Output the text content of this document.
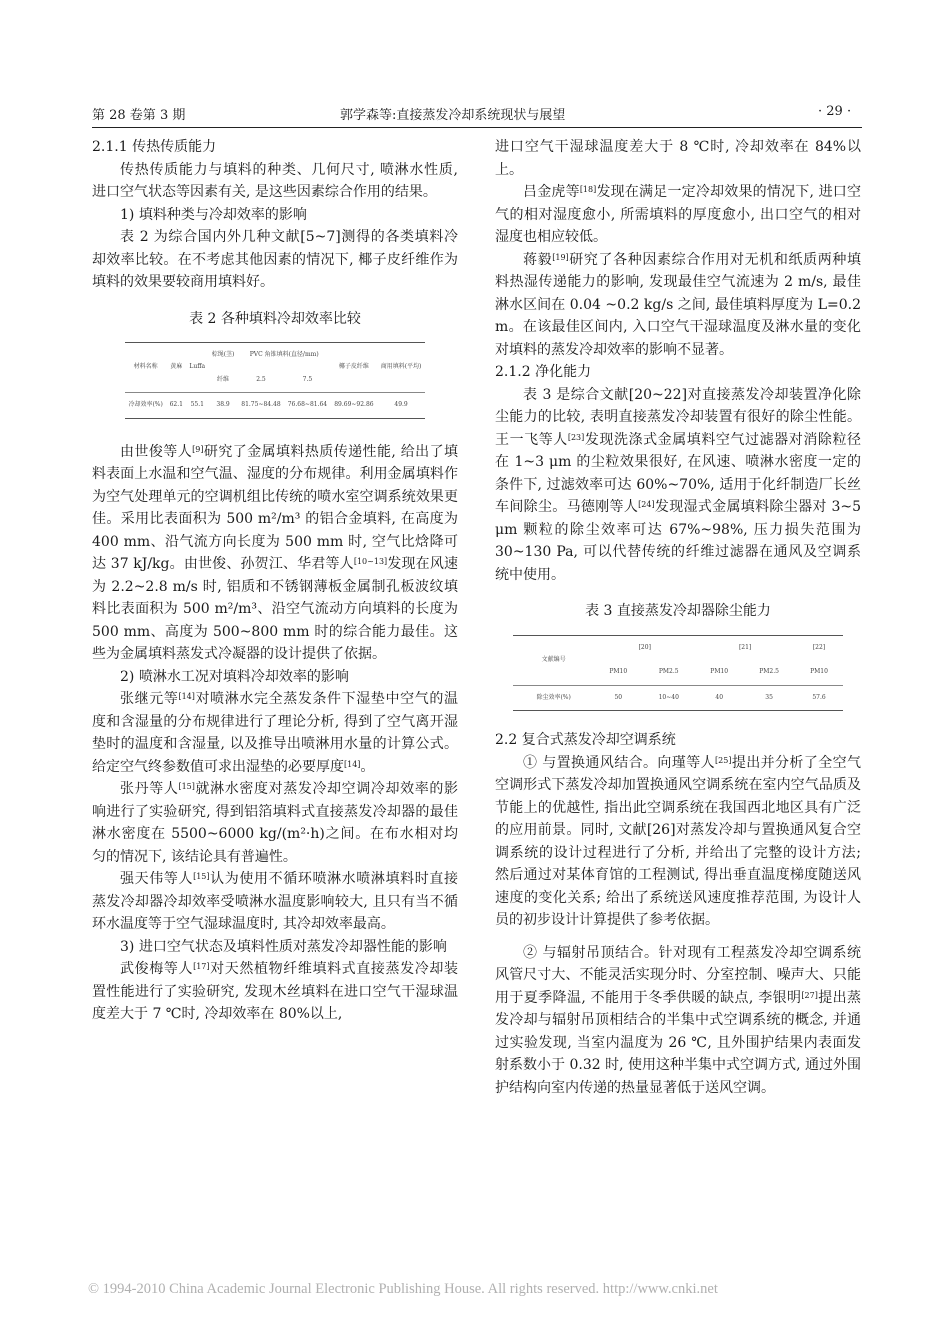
第 28 卷第 3 期	郭学森等:直接蒸发冷却系统现状与展望	· 29 ·

2.1.1 传热传质能力

传热传质能力与填料的种类、几何尺寸, 喷淋水性质, 进口空气状态等因素有关, 是这些因素综合作用的结果。

1) 填料种类与冷却效率的影响

表 2 为综合国内外几种文献[5~7]测得的各类填料冷却效率比较。在不考虑其他因素的情况下, 椰子皮纤维作为填料的效果要较商用填料好。

表 2 各种填料冷却效率比较
材料名称	黄麻	Luffa	棕绳(茎)	PVC 角锥填料(直径/mm)		椰子皮纤维	商用填料(平均)
			纤维	2.5	7.5		
冷却效率(%)	62.1	55.1	38.9	81.75~84.48	76.68~81.64	89.69~92.86	49.9

由世俊等人[9]研究了金属填料热质传递性能, 给出了填料表面上水温和空气温、湿度的分布规律。利用金属填料作为空气处理单元的空调机组比传统的喷水室空调系统效果更佳。采用比表面积为 500 m²/m³ 的铝合金填料, 在高度为 400 mm、沿气流方向长度为 500 mm 时, 空气比焓降可达 37 kJ/kg。由世俊、孙贺江、华君等人[10~13]发现在风速为 2.2~2.8 m/s 时, 铝质和不锈钢薄板金属制孔板波纹填料比表面积为 500 m²/m³、沿空气流动方向填料的长度为 500 mm、高度为 500~800 mm 时的综合能力最佳。这些为金属填料蒸发式冷凝器的设计提供了依据。

2) 喷淋水工况对填料冷却效率的影响

张继元等[14]对喷淋水完全蒸发条件下湿垫中空气的温度和含湿量的分布规律进行了理论分析, 得到了空气离开湿垫时的温度和含湿量, 以及推导出喷淋用水量的计算公式。给定空气终参数值可求出湿垫的必要厚度[14]。

张丹等人[15]就淋水密度对蒸发冷却空调冷却效率的影响进行了实验研究, 得到铝箔填料式直接蒸发冷却器的最佳淋水密度在 5500~6000 kg/(m²·h)之间。在布水相对均匀的情况下, 该结论具有普遍性。

强天伟等人[15]认为使用不循环喷淋水喷淋填料时直接蒸发冷却器冷却效率受喷淋水温度影响较大, 且只有当不循环水温度等于空气湿球温度时, 其冷却效率最高。

3) 进口空气状态及填料性质对蒸发冷却器性能的影响

武俊梅等人[17]对天然植物纤维填料式直接蒸发冷却装置性能进行了实验研究, 发现木丝填料在进口空气干湿球温度差大于 7 ℃时, 冷却效率在 80%以上,

进口空气干湿球温度差大于 8 ℃时, 冷却效率在 84%以上。

吕金虎等[18]发现在满足一定冷却效果的情况下, 进口空气的相对湿度愈小, 所需填料的厚度愈小, 出口空气的相对湿度也相应较低。

蒋毅[19]研究了各种因素综合作用对无机和纸质两种填料热湿传递能力的影响, 发现最佳空气流速为 2 m/s, 最佳淋水区间在 0.04 ~0.2 kg/s 之间, 最佳填料厚度为 L=0.2 m。在该最佳区间内, 入口空气干湿球温度及淋水量的变化对填料的蒸发冷却效率的影响不显著。

2.1.2 净化能力

表 3 是综合文献[20~22]对直接蒸发冷却装置净化除尘能力的比较, 表明直接蒸发冷却装置有很好的除尘性能。王一飞等人[23]发现洗涤式金属填料空气过滤器对消除粒径在 1~3 μm 的尘粒效果很好, 在风速、喷淋水密度一定的条件下, 过滤效率可达 60%~70%, 适用于化纤制造厂长丝车间除尘。马德刚等人[24]发现湿式金属填料除尘器对 3~5 μm 颗粒的除尘效率可达 67%~98%, 压力损失范围为 30~130 Pa, 可以代替传统的纤维过滤器在通风及空调系统中使用。

表 3 直接蒸发冷却器除尘能力
文献编号	[20]		[21]		[22]
	PM10	PM2.5	PM10	PM2.5	PM10
除尘效率(%)	50	10~40	40	35	57.6

2.2 复合式蒸发冷却空调系统

① 与置换通风结合。向瑾等人[25]提出并分析了全空气空调形式下蒸发冷却加置换通风空调系统在室内空气品质及节能上的优越性, 指出此空调系统在我国西北地区具有广泛的应用前景。同时, 文献[26]对蒸发冷却与置换通风复合空调系统的设计过程进行了分析, 并给出了完整的设计方法; 然后通过对某体育馆的工程测试, 得出垂直温度梯度随送风速度的变化关系; 给出了系统送风速度推荐范围, 为设计人员的初步设计计算提供了参考依据。

② 与辐射吊顶结合。针对现有工程蒸发冷却空调系统风管尺寸大、不能灵活实现分时、分室控制、噪声大、只能用于夏季降温, 不能用于冬季供暖的缺点, 李银明[27]提出蒸发冷却与辐射吊顶相结合的半集中式空调系统的概念, 并通过实验发现, 当室内温度为 26 ℃, 且外围护结果内表面发射系数小于 0.32 时, 使用这种半集中式空调方式, 通过外围护结构向室内传递的热量显著低于送风空调。

© 1994-2010 China Academic Journal Electronic Publishing House. All rights reserved. http://www.cnki.net
